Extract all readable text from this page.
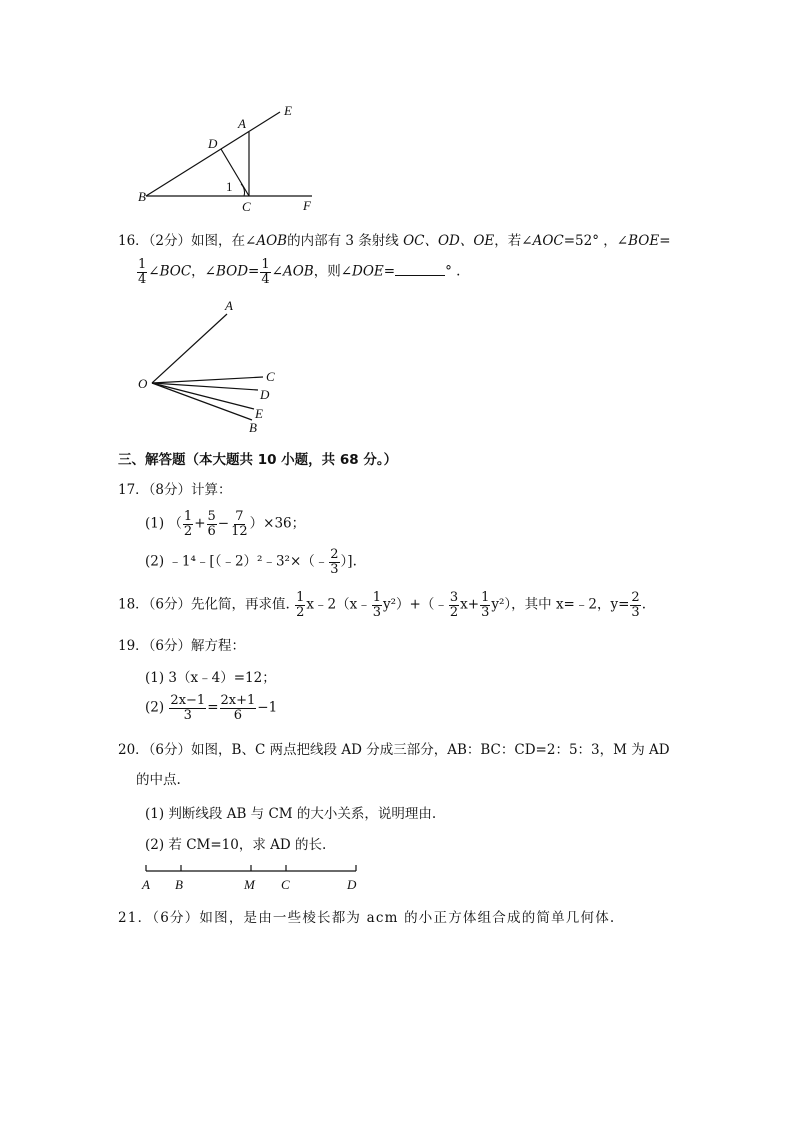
E
A
D
B
C	F
1
16．（2分）如图，在∠AOB的内部有 3 条射线 OC、OD、OE，若∠AOC=52° ，∠BOE=
$\frac{1}{4}$ ∠BOC，∠BOD= $\frac{1}{4}$ ∠AOB，则∠DOE=	° .
A
O	C
D
E
B
三、解答题（本大题共 10 小题，共 68 分。）
17．（8分）计算：
(1) （ $\frac{1}{2} + \frac{5}{6} - \frac{7}{12} )\times 36$；
(2) ﹣1⁴﹣[（﹣2）²﹣3²×（﹣ $\frac{2}{3}$ ）].
18．（6分）先化简，再求值. $\frac{1}{2}$ x﹣2（x﹣ $\frac{1}{3}$ y²）+（﹣ $\frac{3}{2} x+ \frac{1}{3} y^2$），其中 x=﹣2，$y= \frac{2}{3}$ .
19．（6分）解方程：
(1) 3（x﹣4）=12；
$(2) \frac{2x-1}{3} = \frac{2x+1}{6} -1$
20．（6分）如图，B、C 两点把线段 AD 分成三部分，AB：BC：CD=2：5：3，M 为 AD
的中点.
(1) 判断线段 AB 与 CM 的大小关系，说明理由.
(2) 若 CM=10，求 AD 的长.
A B	M C	D
21．（6分）如图，是由一些棱长都为 acm 的小正方体组合成的简单几何体.
